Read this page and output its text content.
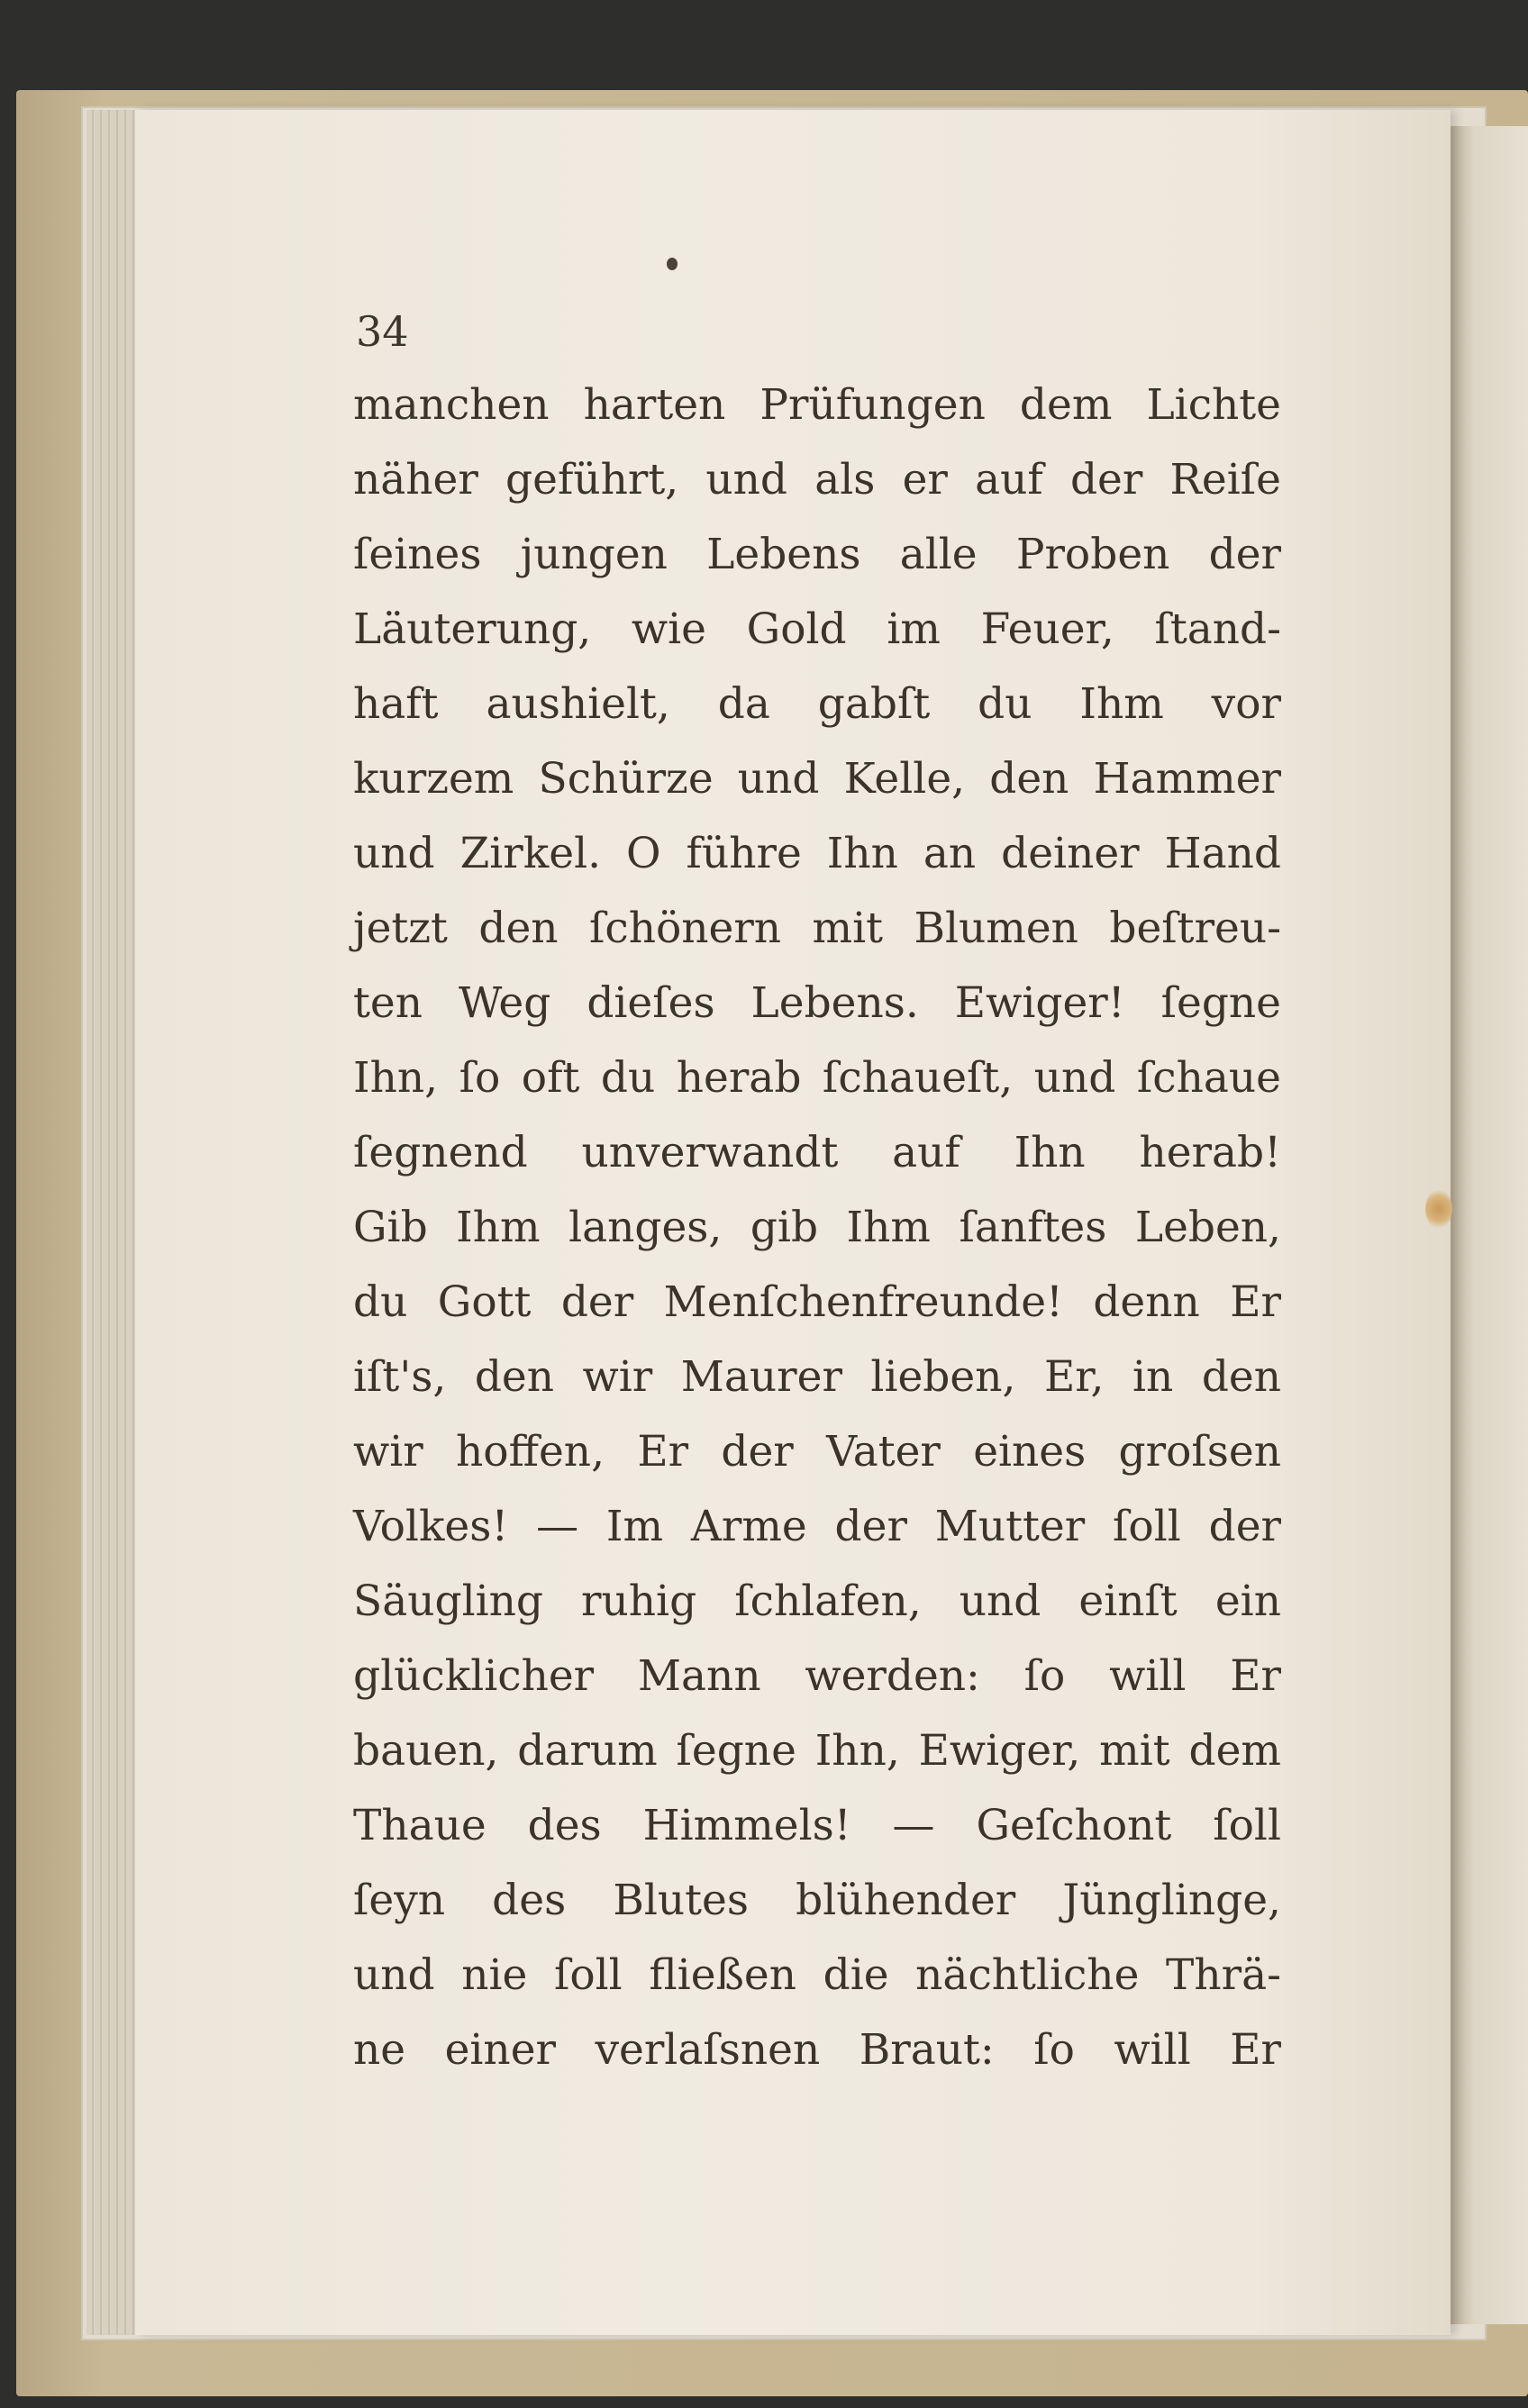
34
manchen harten Prüfungen dem Lichte
näher geführt, und als er auf der Reiſe
ſeines jungen Lebens alle Proben der
Läuterung, wie Gold im Feuer, ſtand-
haft aushielt, da gabſt du Ihm vor
kurzem Schürze und Kelle, den Hammer
und Zirkel. O führe Ihn an deiner Hand
jetzt den ſchönern mit Blumen beſtreu-
ten Weg dieſes Lebens. Ewiger! ſegne
Ihn, ſo oft du herab ſchaueſt, und ſchaue
ſegnend unverwandt auf Ihn herab!
Gib Ihm langes, gib Ihm ſanftes Leben,
du Gott der Menſchenfreunde! denn Er
iſt's, den wir Maurer lieben, Er, in den
wir hoffen, Er der Vater eines groſsen
Volkes! — Im Arme der Mutter ſoll der
Säugling ruhig ſchlafen, und einſt ein
glücklicher Mann werden: ſo will Er
bauen, darum ſegne Ihn, Ewiger, mit dem
Thaue des Himmels! — Geſchont ſoll
ſeyn des Blutes blühender Jünglinge,
und nie ſoll fließen die nächtliche Thrä-
ne einer verlaſsnen Braut: ſo will Er
